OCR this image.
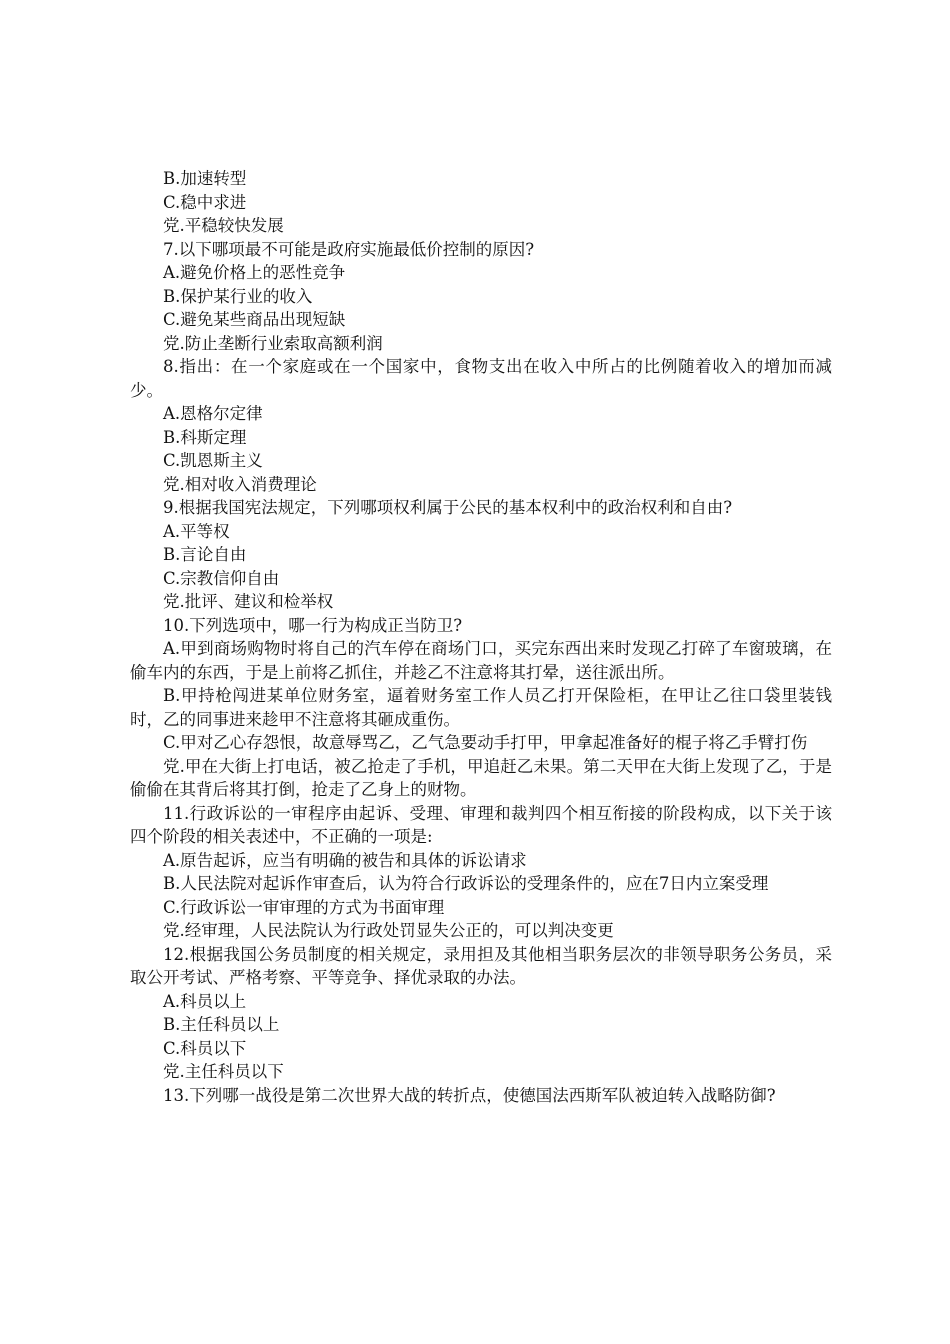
B.加速转型

C.稳中求进

党.平稳较快发展

7.以下哪项最不可能是政府实施最低价控制的原因?

A.避免价格上的恶性竞争

B.保护某行业的收入

C.避免某些商品出现短缺

党.防止垄断行业索取高额利润

8.指出：在一个家庭或在一个国家中，食物支出在收入中所占的比例随着收入的增加而减少。

A.恩格尔定律

B.科斯定理

C.凯恩斯主义

党.相对收入消费理论

9.根据我国宪法规定，下列哪项权利属于公民的基本权利中的政治权利和自由?

A.平等权

B.言论自由

C.宗教信仰自由

党.批评、建议和检举权

10.下列选项中，哪一行为构成正当防卫?

A.甲到商场购物时将自己的汽车停在商场门口，买完东西出来时发现乙打碎了车窗玻璃，在偷车内的东西，于是上前将乙抓住，并趁乙不注意将其打晕，送往派出所。

B.甲持枪闯进某单位财务室，逼着财务室工作人员乙打开保险柜，在甲让乙往口袋里装钱时，乙的同事进来趁甲不注意将其砸成重伤。

C.甲对乙心存怨恨，故意辱骂乙，乙气急要动手打甲，甲拿起准备好的棍子将乙手臂打伤

党.甲在大街上打电话，被乙抢走了手机，甲追赶乙未果。第二天甲在大街上发现了乙，于是偷偷在其背后将其打倒，抢走了乙身上的财物。

11.行政诉讼的一审程序由起诉、受理、审理和裁判四个相互衔接的阶段构成，以下关于该四个阶段的相关表述中，不正确的一项是:

A.原告起诉，应当有明确的被告和具体的诉讼请求

B.人民法院对起诉作审查后，认为符合行政诉讼的受理条件的，应在7日内立案受理

C.行政诉讼一审审理的方式为书面审理

党.经审理，人民法院认为行政处罚显失公正的，可以判决变更

12.根据我国公务员制度的相关规定，录用担及其他相当职务层次的非领导职务公务员，采取公开考试、严格考察、平等竞争、择优录取的办法。

A.科员以上

B.主任科员以上

C.科员以下

党.主任科员以下

13.下列哪一战役是第二次世界大战的转折点，使德国法西斯军队被迫转入战略防御?
